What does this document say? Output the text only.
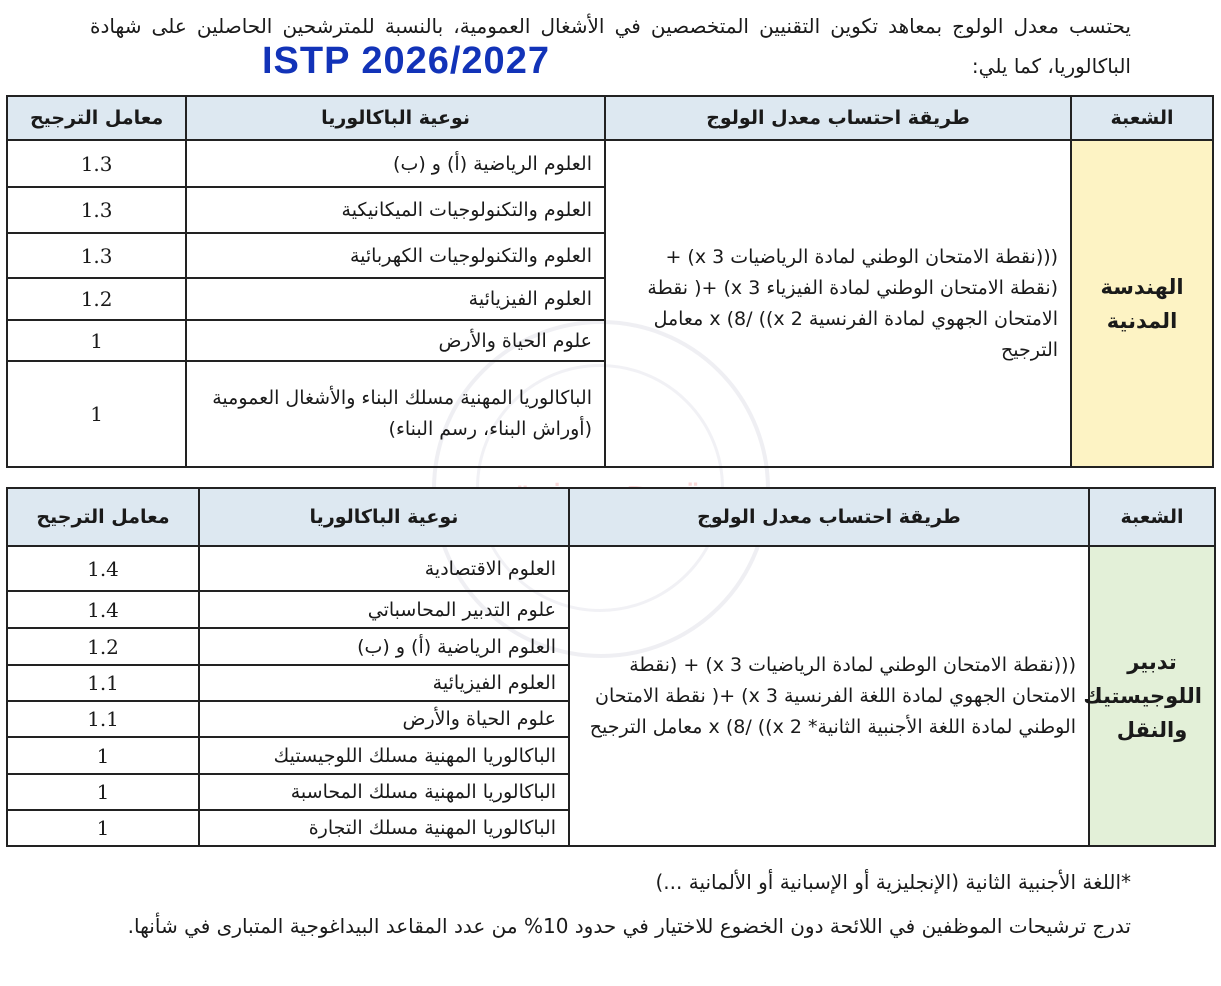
يحتسب معدل الولوج بمعاهد تكوين التقنيين المتخصصين في الأشغال العمومية، بالنسبة للمترشحين الحاصلين على شهادة الباكالوريا، كما يلي:
ISTP 2026/2027
الشعبة	طريقة احتساب معدل الولوج	نوعية الباكالوريا	معامل الترجيح
الهندسة المدنية	(((نقطة الامتحان الوطني لمادة الرياضيات x 3) + (نقطة الامتحان الوطني لمادة الفيزياء x 3) +( نقطة الامتحان الجهوي لمادة الفرنسية x 2)) /8) x معامل الترجيح	العلوم الرياضية (أ) و (ب)	1.3
		العلوم والتكنولوجيات الميكانيكية	1.3
		العلوم والتكنولوجيات الكهربائية	1.3
		العلوم الفيزيائية	1.2
		علوم الحياة والأرض	1
		الباكالوريا المهنية مسلك البناء والأشغال العمومية (أوراش البناء، رسم البناء)	1
الشعبة	طريقة احتساب معدل الولوج	نوعية الباكالوريا	معامل الترجيح
تدبير اللوجيستيك والنقل	(((نقطة الامتحان الوطني لمادة الرياضيات x 3) + (نقطة الامتحان الجهوي لمادة اللغة الفرنسية x 3) +( نقطة الامتحان الوطني لمادة اللغة الأجنبية الثانية* x 2)) /8) x معامل الترجيح	العلوم الاقتصادية	1.4
		علوم التدبير المحاسباتي	1.4
		العلوم الرياضية (أ) و (ب)	1.2
		العلوم الفيزيائية	1.1
		علوم الحياة والأرض	1.1
		الباكالوريا المهنية مسلك اللوجيستيك	1
		الباكالوريا المهنية مسلك المحاسبة	1
		الباكالوريا المهنية مسلك التجارة	1
*اللغة الأجنبية الثانية (الإنجليزية أو الإسبانية أو الألمانية ...)
تدرج ترشيحات الموظفين في اللائحة دون الخضوع للاختيار في حدود 10% من عدد المقاعد البيداغوجية المتبارى في شأنها.
